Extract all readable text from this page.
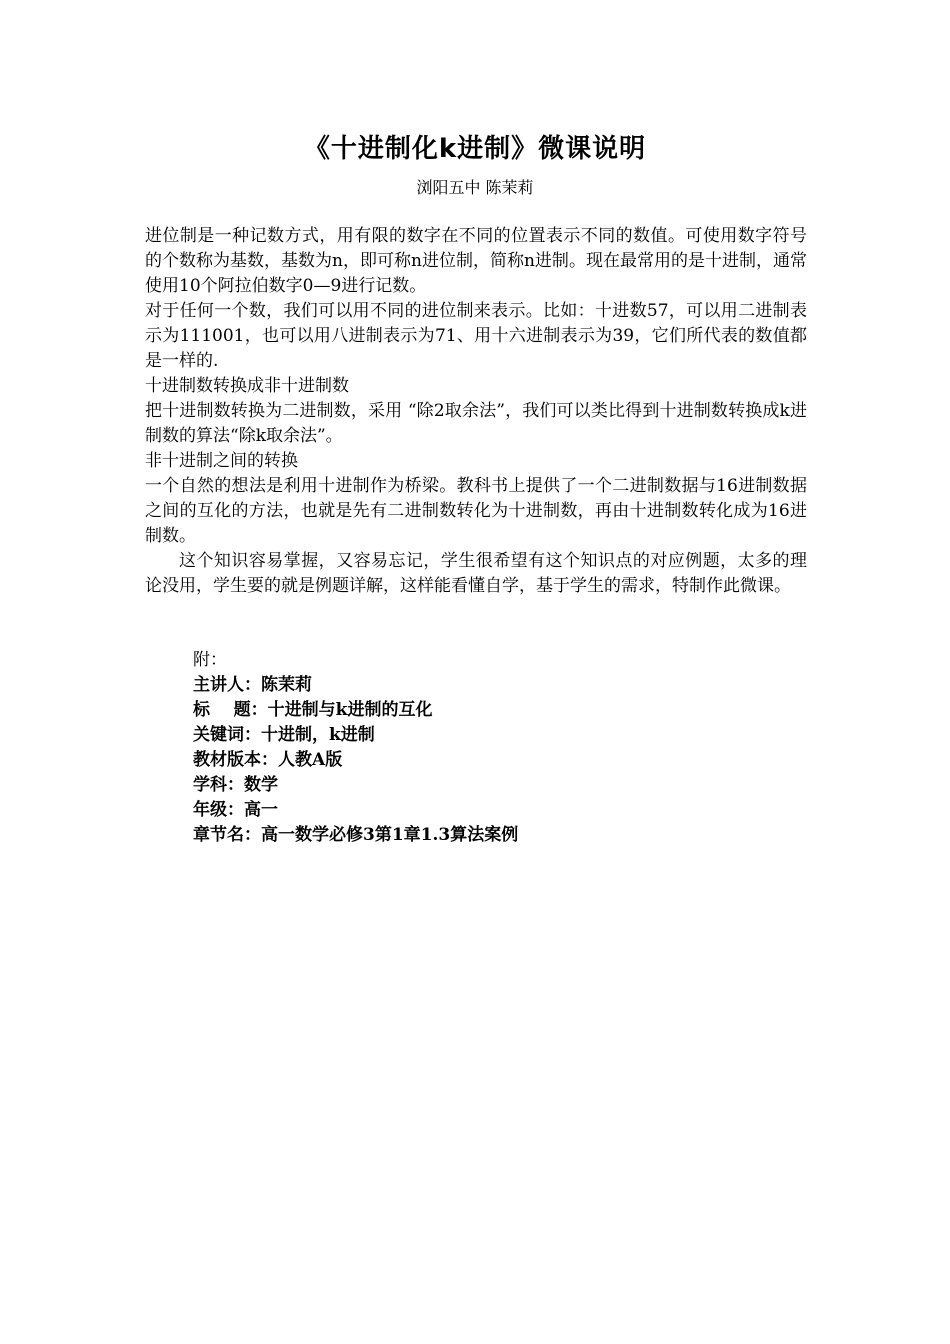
《十进制化k进制》微课说明
浏阳五中 陈茉莉

进位制是一种记数方式，用有限的数字在不同的位置表示不同的数值。可使用数字符号的个数称为基数，基数为n，即可称n进位制，简称n进制。现在最常用的是十进制，通常使用10个阿拉伯数字0—9进行记数。

对于任何一个数，我们可以用不同的进位制来表示。比如：十进数57，可以用二进制表示为111001，也可以用八进制表示为71、用十六进制表示为39，它们所代表的数值都是一样的.

十进制数转换成非十进制数

把十进制数转换为二进制数，采用 “除2取余法”，我们可以类比得到十进制数转换成k进制数的算法“除k取余法”。

非十进制之间的转换

一个自然的想法是利用十进制作为桥梁。教科书上提供了一个二进制数据与16进制数据之间的互化的方法，也就是先有二进制数转化为十进制数，再由十进制数转化成为16进制数。

这个知识容易掌握，又容易忘记，学生很希望有这个知识点的对应例题，太多的理论没用，学生要的就是例题详解，这样能看懂自学，基于学生的需求，特制作此微课。

附：
主讲人：陈茉莉
标    题：十进制与k进制的互化
关键词：十进制，k进制
教材版本：人教A版
学科：数学
年级：高一
章节名：高一数学必修3第1章1.3算法案例
